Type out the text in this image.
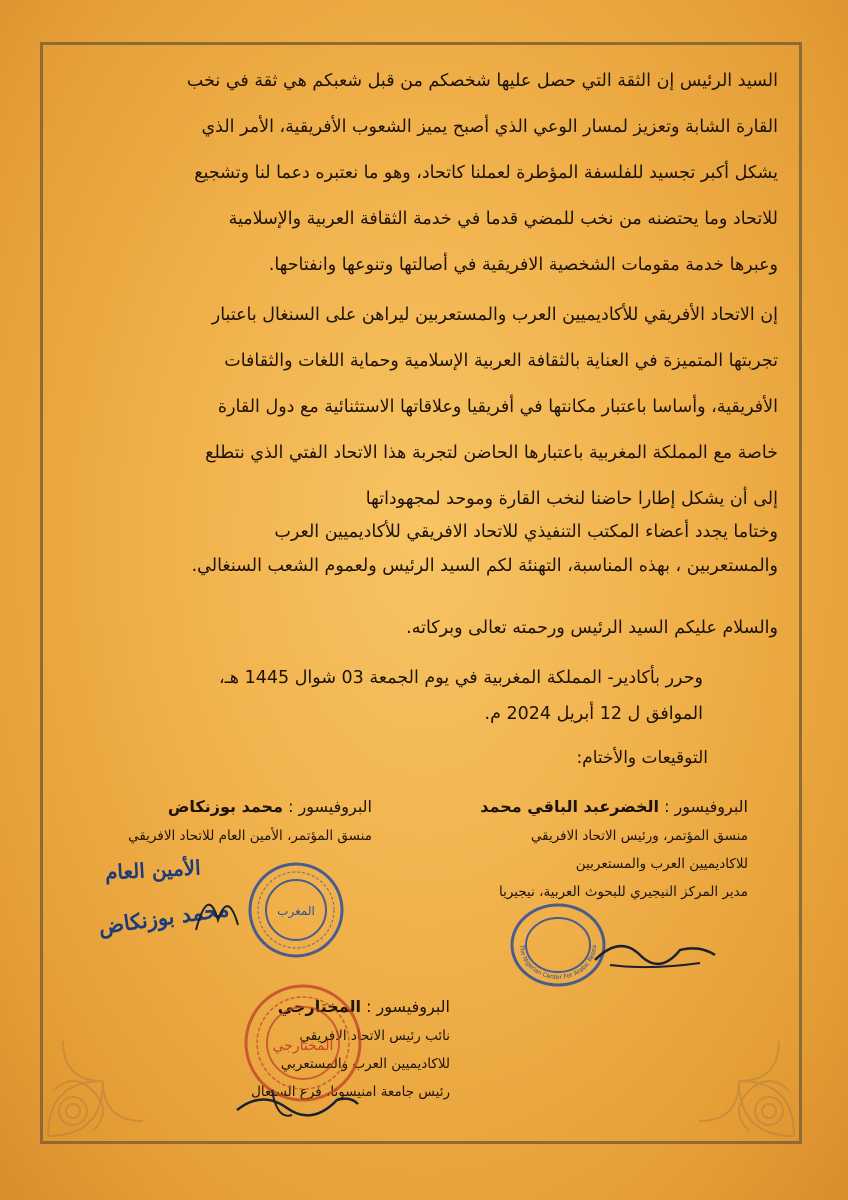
السيد الرئيس إن الثقة التي حصل عليها شخصكم من قبل شعبكم هي ثقة في نخب

القارة الشابة وتعزيز لمسار الوعي الذي أصبح يميز الشعوب الأفريقية، الأمر الذي

يشكل أكبر تجسيد للفلسفة المؤطرة لعملنا كاتحاد، وهو ما نعتبره دعما لنا وتشجيع

للاتحاد وما يحتضنه من نخب للمضي قدما في خدمة الثقافة العربية والإسلامية

وعبرها خدمة مقومات الشخصية الافريقية في أصالتها وتنوعها وانفتاحها.

إن الاتحاد الأفريقي للأكاديميين العرب والمستعربين ليراهن على السنغال باعتبار

تجربتها المتميزة في العناية بالثقافة العربية الإسلامية وحماية اللغات والثقافات

الأفريقية، وأساسا باعتبار مكانتها في أفريقيا وعلاقاتها الاستثنائية مع دول القارة

خاصة مع المملكة المغربية باعتبارها الحاضن لتجربة هذا الاتحاد الفتي الذي نتطلع

إلى أن يشكل إطارا حاضنا لنخب القارة وموحد لمجهوداتها

وختاما يجدد أعضاء المكتب التنفيذي للاتحاد الافريقي للأكاديميين العرب

والمستعربين ، بهذه المناسبة، التهنئة لكم السيد الرئيس ولعموم الشعب السنغالي.

والسلام عليكم السيد الرئيس ورحمته تعالى وبركاته.

وحرر بأكادير- المملكة المغربية في يوم الجمعة 03 شوال 1445 هـ،
الموافق ل 12 أبريل 2024 م.
التوقيعات والأختام:
البروفيسور : الخضرعبد الباقي محمد
منسق المؤتمر، ورئيس الاتحاد الافريقي
للاكاديميين العرب والمستعربين
مدير المركز النيجيري للبحوث العربية، نيجيريا
البروفيسور : محمد بوزنكاض
منسق المؤتمر، الأمين العام للاتحاد الافريقي
البروفيسور : المختارجي
نائب رئيس الاتحاد الافريقي
للاكاديميين العرب والمستعربي
رئيس جامعة امنيسوتا، فرع السنغال
الأمين العام
محمد بوزنكاض	المغرب
The Nigerian Center For Arabic Resea
المختارجي
